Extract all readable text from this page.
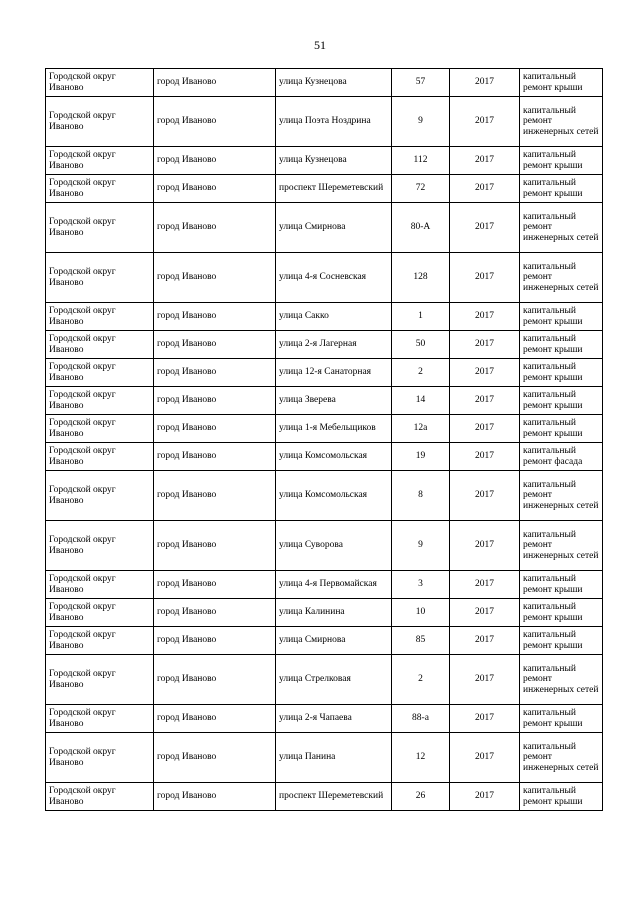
51
Городской округ Иваново	город Иваново	улица Кузнецова	57	2017	капитальный ремонт крыши
Городской округ Иваново	город Иваново	улица Поэта Ноздрина	9	2017	капитальный ремонт инженерных сетей
Городской округ Иваново	город Иваново	улица Кузнецова	112	2017	капитальный ремонт крыши
Городской округ Иваново	город Иваново	проспект Шереметевский	72	2017	капитальный ремонт крыши
Городской округ Иваново	город Иваново	улица Смирнова	80-А	2017	капитальный ремонт инженерных сетей
Городской округ Иваново	город Иваново	улица 4-я Сосневская	128	2017	капитальный ремонт инженерных сетей
Городской округ Иваново	город Иваново	улица Сакко	1	2017	капитальный ремонт крыши
Городской округ Иваново	город Иваново	улица 2-я Лагерная	50	2017	капитальный ремонт крыши
Городской округ Иваново	город Иваново	улица 12-я Санаторная	2	2017	капитальный ремонт крыши
Городской округ Иваново	город Иваново	улица Зверева	14	2017	капитальный ремонт крыши
Городской округ Иваново	город Иваново	улица 1-я Мебельщиков	12а	2017	капитальный ремонт крыши
Городской округ Иваново	город Иваново	улица Комсомольская	19	2017	капитальный ремонт фасада
Городской округ Иваново	город Иваново	улица Комсомольская	8	2017	капитальный ремонт инженерных сетей
Городской округ Иваново	город Иваново	улица Суворова	9	2017	капитальный ремонт инженерных сетей
Городской округ Иваново	город Иваново	улица 4-я Первомайская	3	2017	капитальный ремонт крыши
Городской округ Иваново	город Иваново	улица Калинина	10	2017	капитальный ремонт крыши
Городской округ Иваново	город Иваново	улица Смирнова	85	2017	капитальный ремонт крыши
Городской округ Иваново	город Иваново	улица Стрелковая	2	2017	капитальный ремонт инженерных сетей
Городской округ Иваново	город Иваново	улица 2-я Чапаева	88-а	2017	капитальный ремонт крыши
Городской округ Иваново	город Иваново	улица Панина	12	2017	капитальный ремонт инженерных сетей
Городской округ Иваново	город Иваново	проспект Шереметевский	26	2017	капитальный ремонт крыши
